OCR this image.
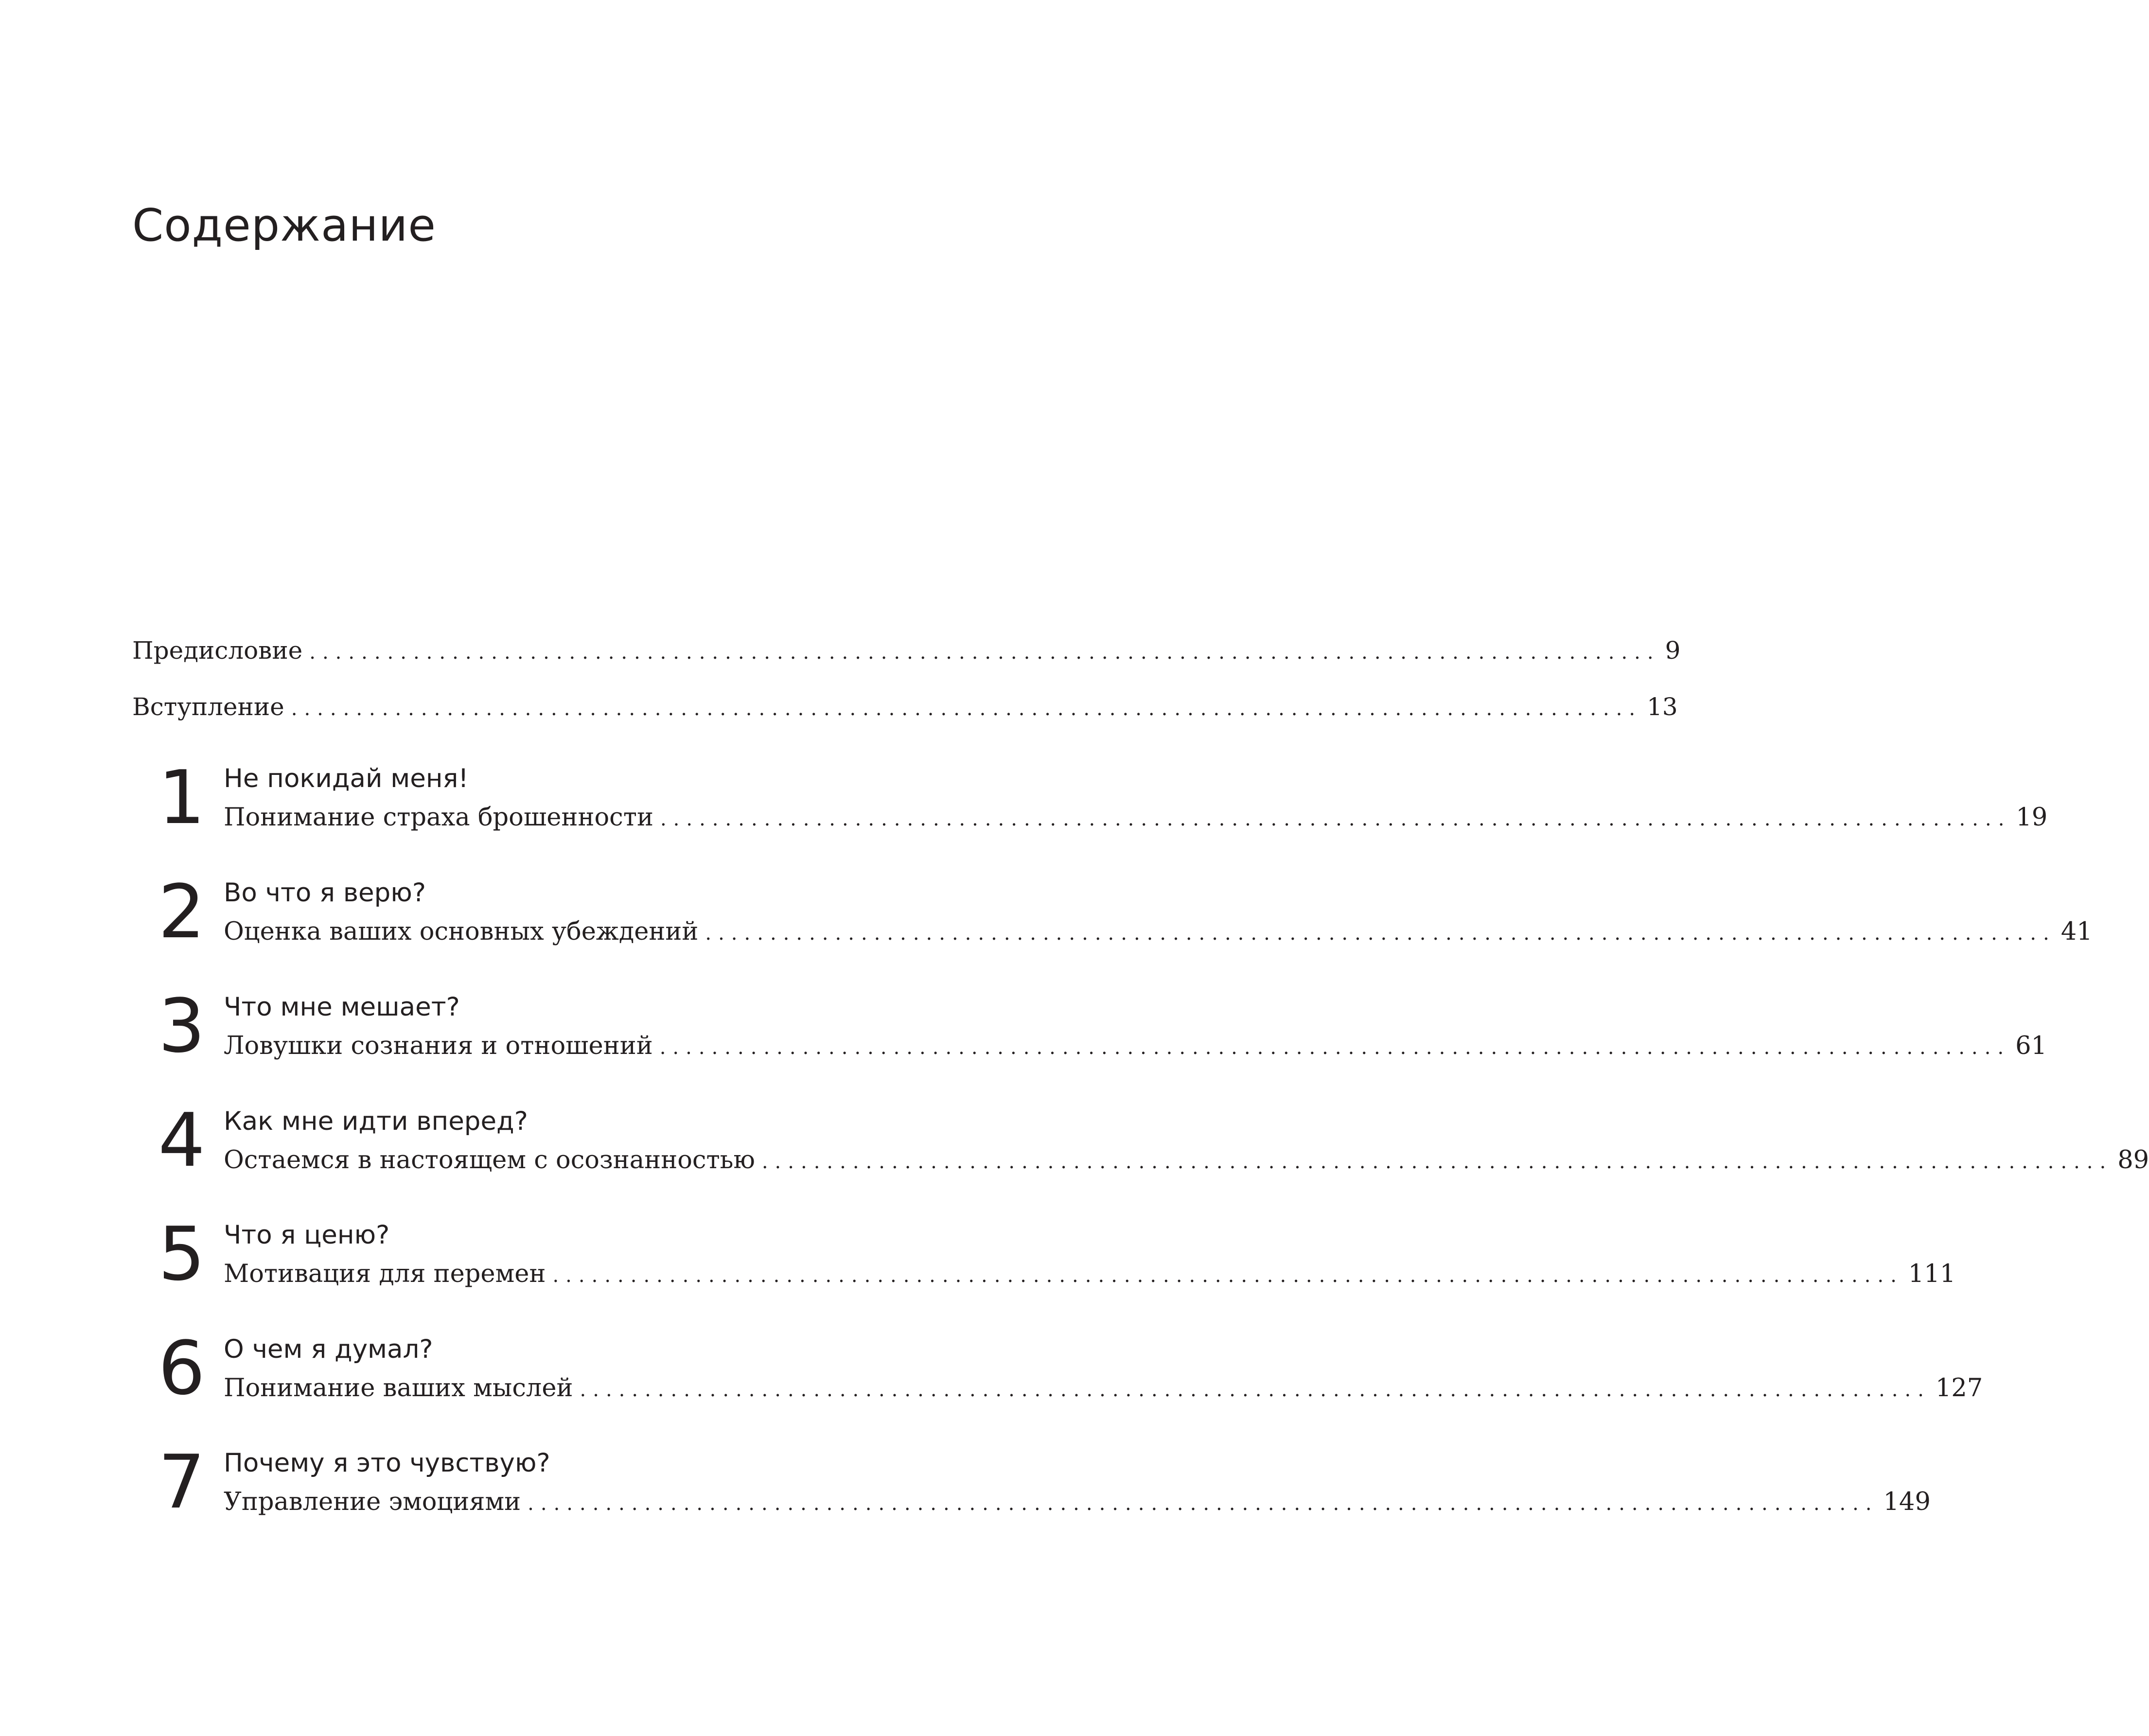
Содержание
Предисловие ........................................................................................................ 9
Вступление ........................................................................................................ 13
1 Не покидай меня!
Понимание страха брошенности ........................................................................................................ 19
2 Во что я верю?
Оценка ваших основных убеждений ........................................................................................................ 41
3 Что мне мешает?
Ловушки сознания и отношений ........................................................................................................ 61
4 Как мне идти вперед?
Остаемся в настоящем с осознанностью ........................................................................................................ 89
5 Что я ценю?
Мотивация для перемен ........................................................................................................ 111
6 О чем я думал?
Понимание ваших мыслей ........................................................................................................ 127
7 Почему я это чувствую?
Управление эмоциями ........................................................................................................ 149
